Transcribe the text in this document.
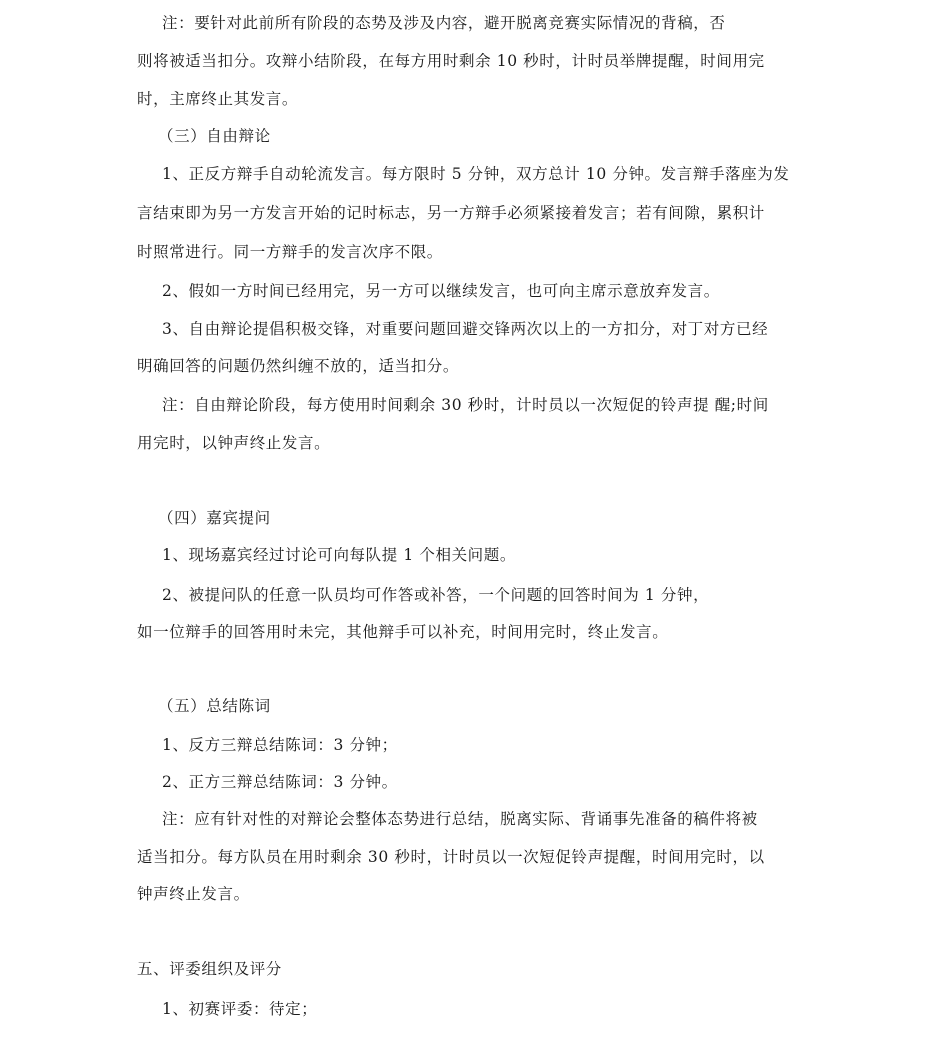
注：要针对此前所有阶段的态势及涉及内容，避开脱离竞赛实际情况的背稿，否
则将被适当扣分。攻辩小结阶段，在每方用时剩余 10 秒时，计时员举牌提醒，时间用完
时，主席终止其发言。
（三）自由辩论
1、正反方辩手自动轮流发言。每方限时 5 分钟，双方总计 10 分钟。发言辩手落座为发
言结束即为另一方发言开始的记时标志，另一方辩手必须紧接着发言；若有间隙，累积计
时照常进行。同一方辩手的发言次序不限。
2、假如一方时间已经用完，另一方可以继续发言，也可向主席示意放弃发言。
3、自由辩论提倡积极交锋，对重要问题回避交锋两次以上的一方扣分，对丁对方已经
明确回答的问题仍然纠缠不放的，适当扣分。
注：自由辩论阶段，每方使用时间剩余 30 秒时，计时员以一次短促的铃声提 醒;时间
用完时，以钟声终止发言。
（四）嘉宾提问
1、现场嘉宾经过讨论可向每队提 1 个相关问题。
2、被提问队的任意一队员均可作答或补答，一个问题的回答时间为 1 分钟，
如一位辩手的回答用时未完，其他辩手可以补充，时间用完时，终止发言。
（五）总结陈词
1、反方三辩总结陈词：3 分钟；
2、正方三辩总结陈词：3 分钟。
注：应有针对性的对辩论会整体态势进行总结，脱离实际、背诵事先准备的稿件将被
适当扣分。每方队员在用时剩余 30 秒时，计时员以一次短促铃声提醒，时间用完时，以
钟声终止发言。
五、评委组织及评分
1、初赛评委：待定；
